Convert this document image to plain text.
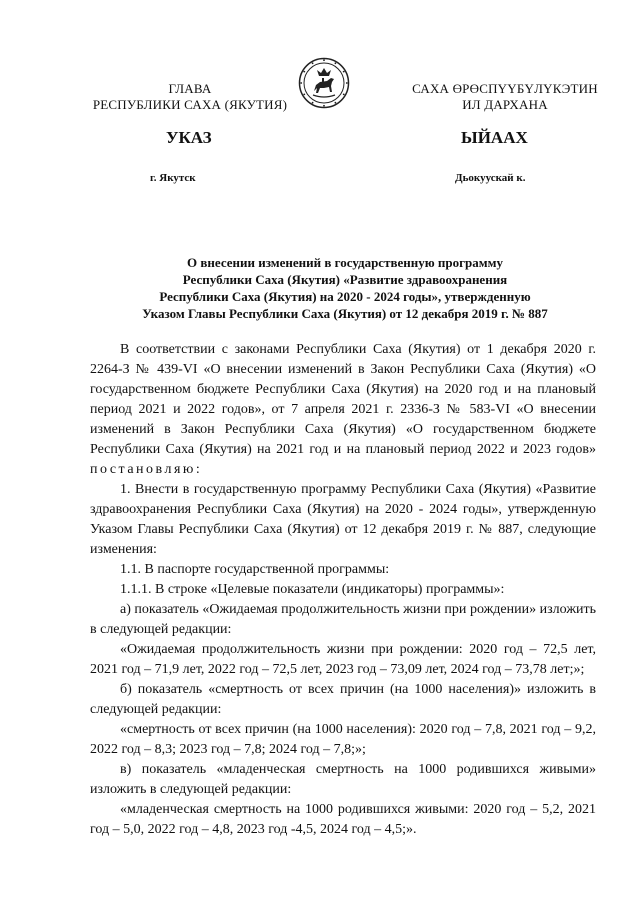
ГЛАВА
РЕСПУБЛИКИ САХА (ЯКУТИЯ)
САХА ӨРӨСПҮҮБҮЛҮКЭТИН
ИЛ ДАРХАНА
УКАЗ	ЫЙААХ
г. Якутск	Дьокуускай к.
О внесении изменений в государственную программу
Республики Саха (Якутия) «Развитие здравоохранения
Республики Саха (Якутия) на 2020 - 2024 годы», утвержденную
Указом Главы Республики Саха (Якутия) от 12 декабря 2019 г. № 887

В соответствии с законами Республики Саха (Якутия) от 1 декабря 2020 г. 2264-З № 439-VI «О внесении изменений в Закон Республики Саха (Якутия) «О государственном бюджете Республики Саха (Якутия) на 2020 год и на плановый период 2021 и 2022 годов», от 7 апреля 2021 г. 2336-З № 583-VI «О внесении изменений в Закон Республики Саха (Якутия) «О государственном бюджете Республики Саха (Якутия) на 2021 год и на плановый период 2022 и 2023 годов» постановляю:

1. Внести в государственную программу Республики Саха (Якутия) «Развитие здравоохранения Республики Саха (Якутия) на 2020 - 2024 годы», утвержденную Указом Главы Республики Саха (Якутия) от 12 декабря 2019 г. № 887, следующие изменения:

1.1. В паспорте государственной программы:

1.1.1. В строке «Целевые показатели (индикаторы) программы»:

а) показатель «Ожидаемая продолжительность жизни при рождении» изложить в следующей редакции:

«Ожидаемая продолжительность жизни при рождении: 2020 год – 72,5 лет, 2021 год – 71,9 лет, 2022 год – 72,5 лет, 2023 год – 73,09 лет, 2024 год – 73,78 лет;»;

б) показатель «смертность от всех причин (на 1000 населения)» изложить в следующей редакции:

«смертность от всех причин (на 1000 населения): 2020 год – 7,8, 2021 год – 9,2, 2022 год – 8,3; 2023 год – 7,8; 2024 год – 7,8;»;

в) показатель «младенческая смертность на 1000 родившихся живыми» изложить в следующей редакции:

«младенческая смертность на 1000 родившихся живыми: 2020 год – 5,2, 2021 год – 5,0, 2022 год – 4,8, 2023 год -4,5, 2024 год – 4,5;».
